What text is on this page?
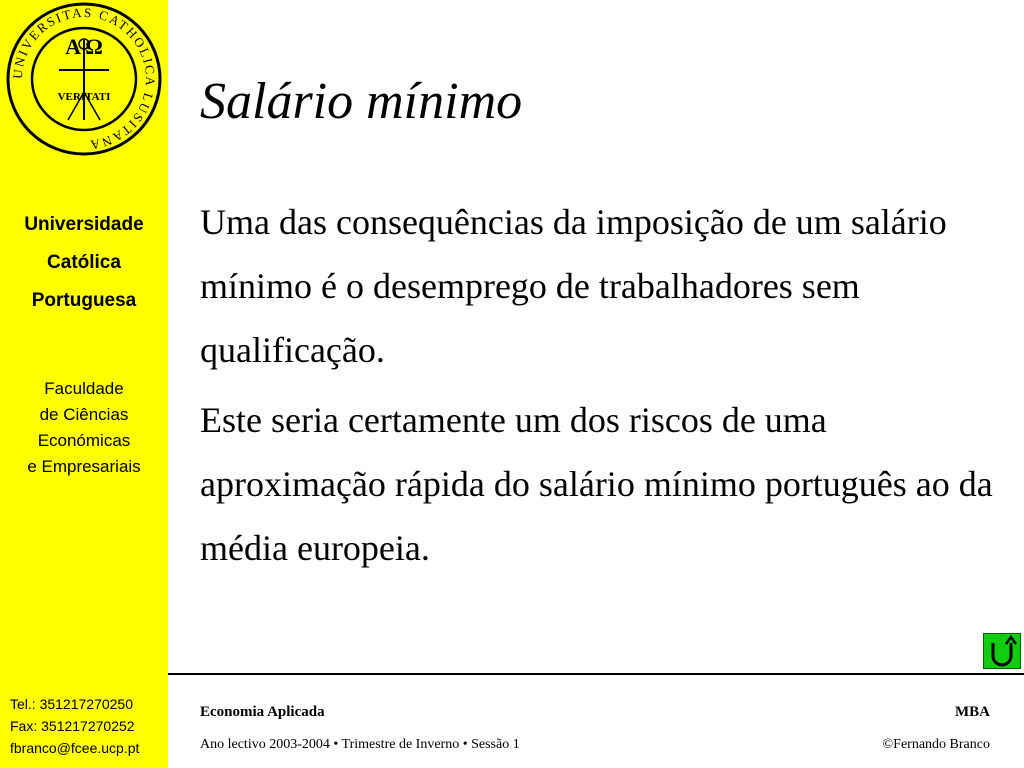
UNIVERSITAS CATHOLICA LUSITANA
A Ω
VERITATI
Universidade
Católica
Portuguesa
Faculdade
de Ciências
Económicas
e Empresariais
Tel.: 351217270250
Fax: 351217270252
fbranco@fcee.ucp.pt
Salário mínimo

Uma das consequências da imposição de um salário mínimo é o desemprego de trabalhadores sem qualificação.

Este seria certamente um dos riscos de uma aproximação rápida do salário mínimo português ao da média europeia.

Economia Aplicada	MBA
Ano lectivo 2003-2004 • Trimestre de Inverno • Sessão 1	©Fernando Branco
